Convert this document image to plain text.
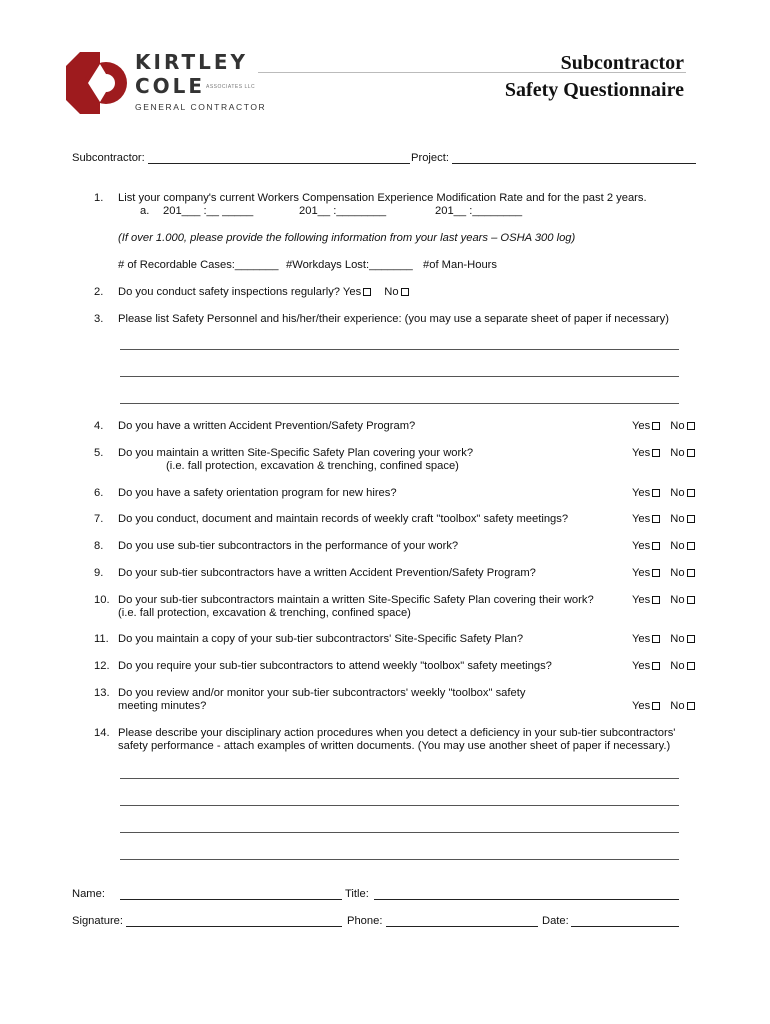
KIRTLEY
COLE ASSOCIATES LLC
GENERAL CONTRACTOR
Subcontractor
Safety Questionnaire
Subcontractor:	Project:
1. List your company's current Workers Compensation Experience Modification Rate and for the past 2 years.
a. 201___ :__ _____	201__ :________	201__ :________
(If over 1.000, please provide the following information from your last years – OSHA 300 log)
# of Recordable Cases:_______ #Workdays Lost:_______ #of Man-Hours
2. Do you conduct safety inspections regularly? Yes No
3. Please list Safety Personnel and his/her/their experience: (you may use a separate sheet of paper if necessary)
4. Do you have a written Accident Prevention/Safety Program?	Yes No
5. Do you maintain a written Site-Specific Safety Plan covering your work?
(i.e. fall protection, excavation & trenching, confined space)
Yes No
6. Do you have a safety orientation program for new hires?	Yes No
7. Do you conduct, document and maintain records of weekly craft "toolbox" safety meetings?	Yes No
8. Do you use sub-tier subcontractors in the performance of your work?	Yes No
9. Do your sub-tier subcontractors have a written Accident Prevention/Safety Program?	Yes No
10. Do your sub-tier subcontractors maintain a written Site-Specific Safety Plan covering their work?
(i.e. fall protection, excavation & trenching, confined space)
Yes No
11. Do you maintain a copy of your sub-tier subcontractors' Site-Specific Safety Plan?	Yes No
12. Do you require your sub-tier subcontractors to attend weekly "toolbox" safety meetings?	Yes No
13. Do you review and/or monitor your sub-tier subcontractors' weekly "toolbox" safety
meeting minutes?	Yes No
14. Please describe your disciplinary action procedures when you detect a deficiency in your sub-tier subcontractors'
safety performance - attach examples of written documents. (You may use another sheet of paper if necessary.)
Name:	Title:
Signature:	Phone:	Date:
